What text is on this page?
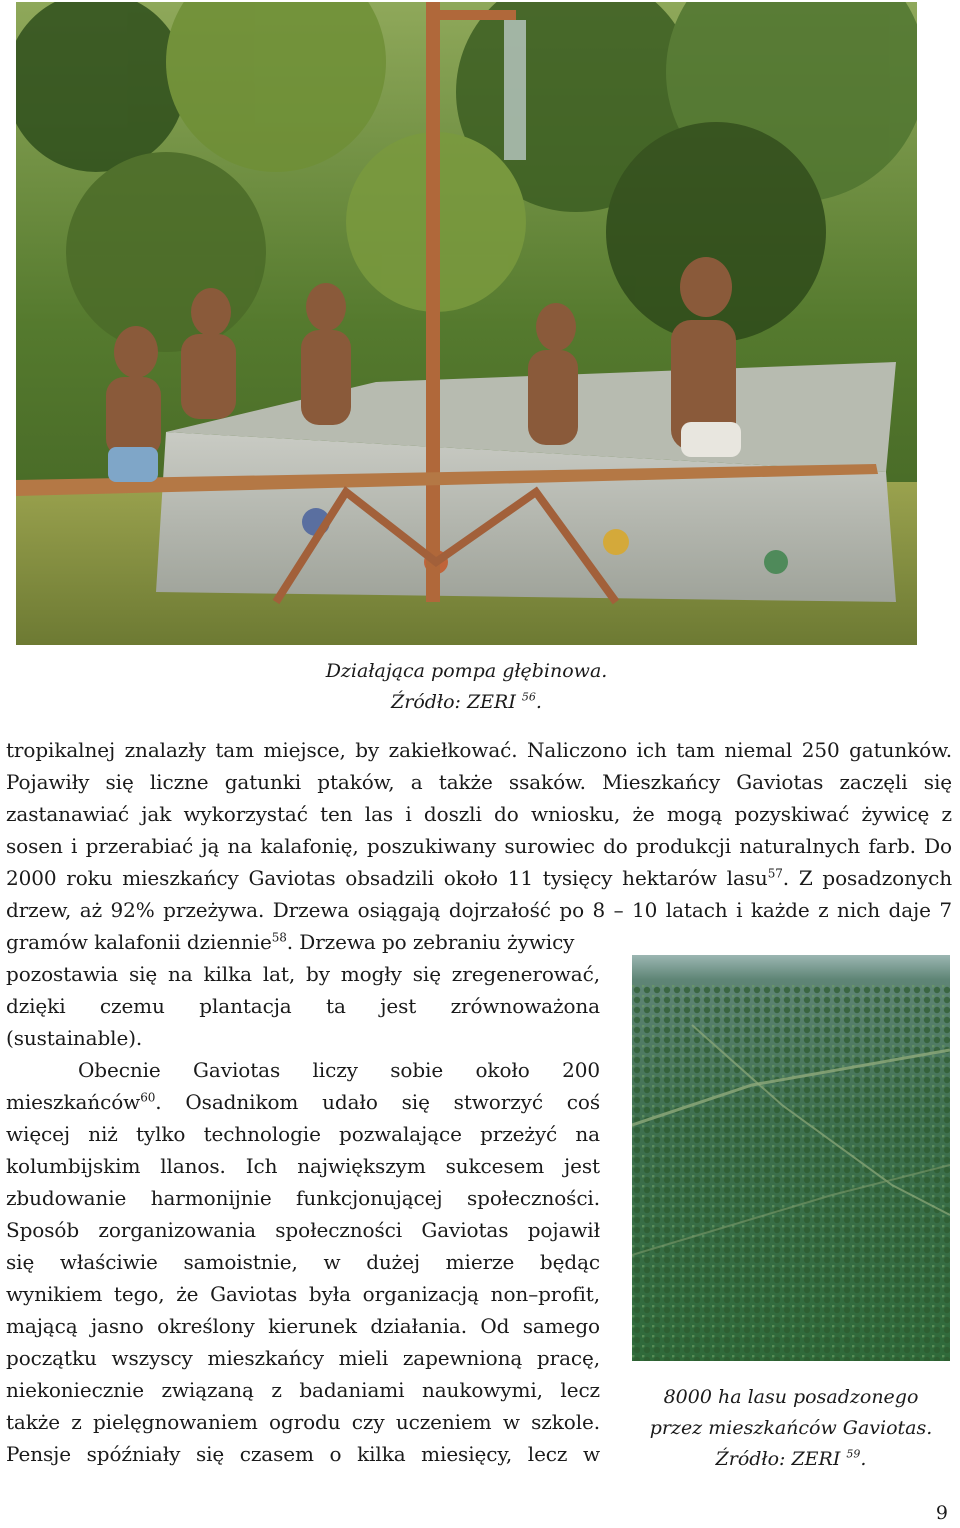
Działająca pompa głębinowa.
Źródło: ZERI $^{56}$.
tropikalnej znalazły tam miejsce, by zakiełkować. Naliczono ich tam niemal 250 gatunków.
Pojawiły się liczne gatunki ptaków, a także ssaków. Mieszkańcy Gaviotas zaczęli się
zastanawiać jak wykorzystać ten las i doszli do wniosku, że mogą pozyskiwać żywicę z
sosen i przerabiać ją na kalafonię, poszukiwany surowiec do produkcji naturalnych farb. Do
2000 roku mieszkańcy Gaviotas obsadzili około 11 tysięcy hektarów lasu$^{57}$. Z posadzonych
drzew, aż 92% przeżywa. Drzewa osiągają dojrzałość po 8 – 10 latach i każde z nich daje 7
gramów kalafonii dziennie$^{58}$. Drzewa po zebraniu żywicy
pozostawia się na kilka lat, by mogły się zregenerować,
dzięki czemu plantacja ta jest zrównoważona
(sustainable).
Obecnie Gaviotas liczy sobie około 200
mieszkańców$^{60}$. Osadnikom udało się stworzyć coś
więcej niż tylko technologie pozwalające przeżyć na
kolumbijskim llanos. Ich największym sukcesem jest
zbudowanie harmonijnie funkcjonującej społeczności.
Sposób zorganizowania społeczności Gaviotas pojawił
się właściwie samoistnie, w dużej mierze będąc
wynikiem tego, że Gaviotas była organizacją non–profit,
mającą jasno określony kierunek działania. Od samego
początku wszyscy mieszkańcy mieli zapewnioną pracę,
niekoniecznie związaną z badaniami naukowymi, lecz
także z pielęgnowaniem ogrodu czy uczeniem w szkole.
Pensje spóźniały się czasem o kilka miesięcy, lecz w
8000 ha lasu posadzonego
przez mieszkańców Gaviotas.
Źródło: ZERI $^{59}$.
9
